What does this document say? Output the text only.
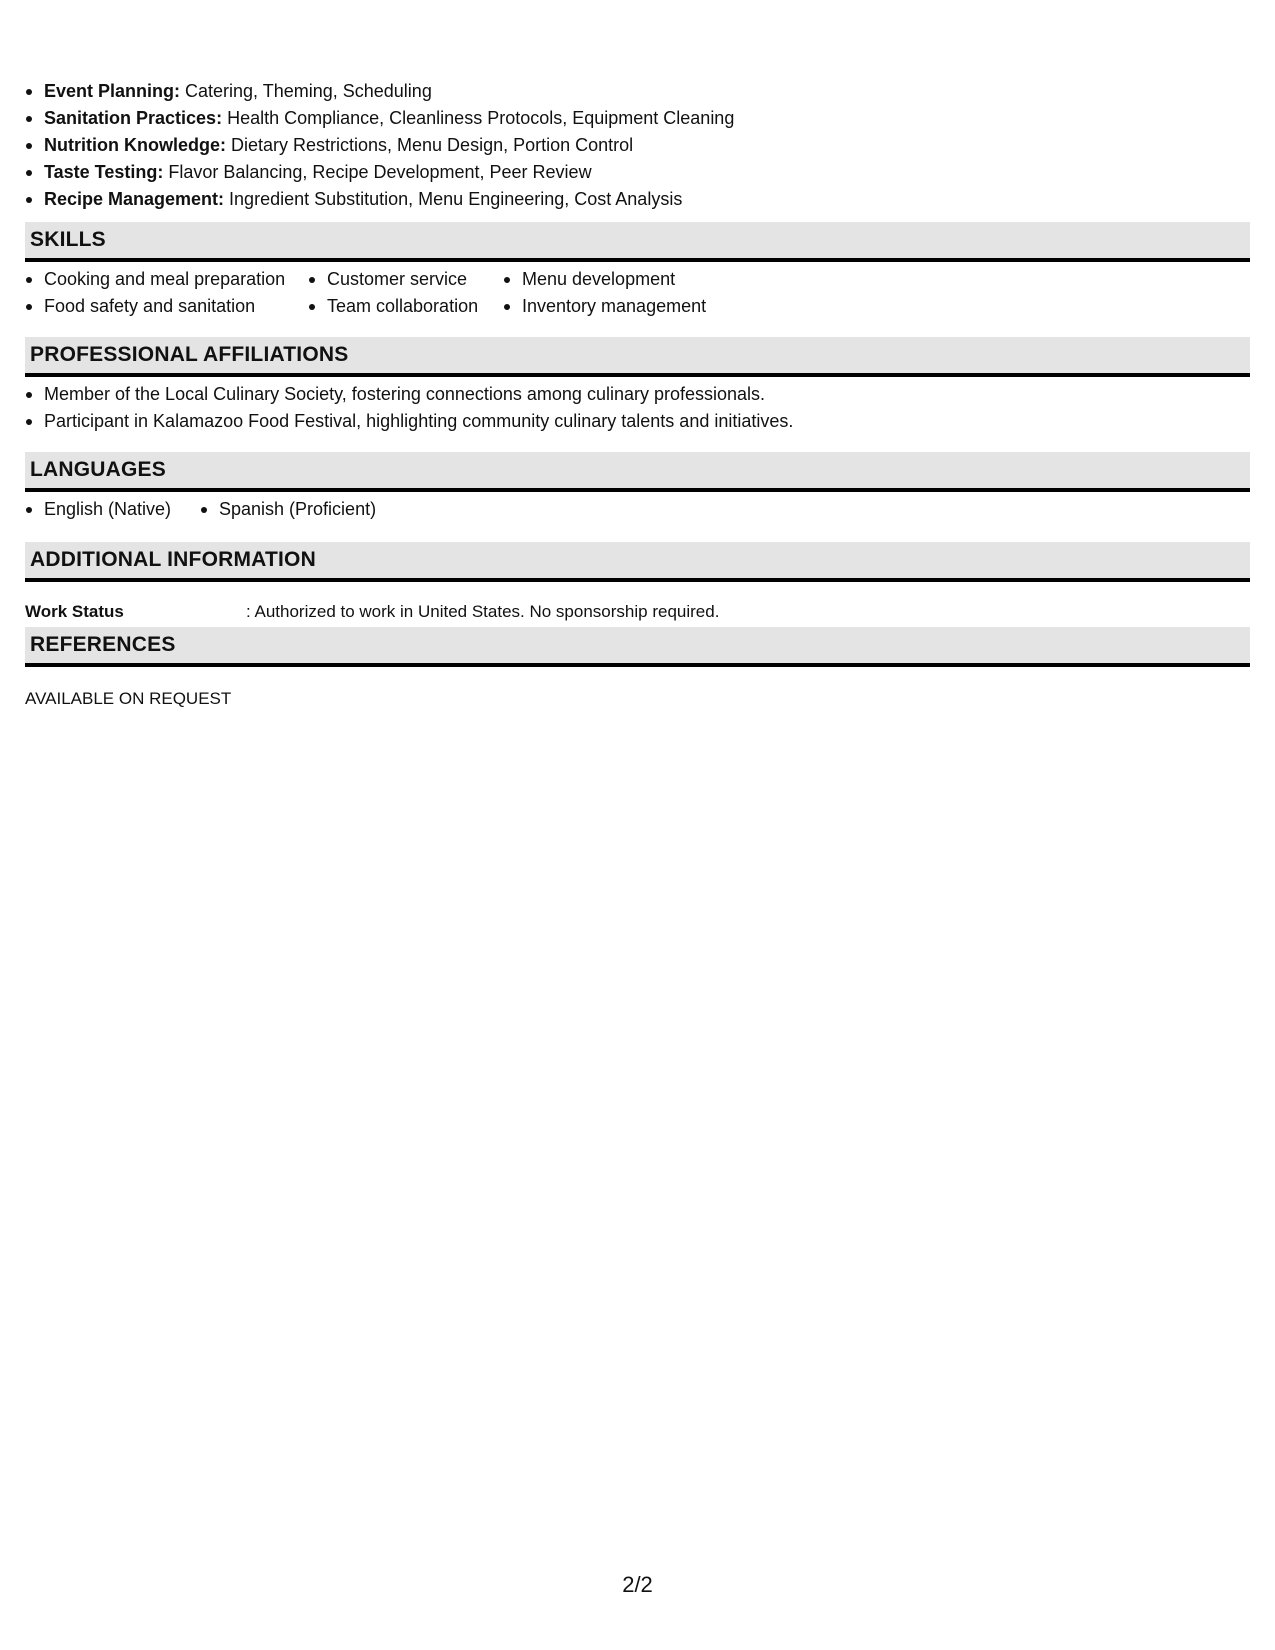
Event Planning: Catering, Theming, Scheduling
Sanitation Practices: Health Compliance, Cleanliness Protocols, Equipment Cleaning
Nutrition Knowledge: Dietary Restrictions, Menu Design, Portion Control
Taste Testing: Flavor Balancing, Recipe Development, Peer Review
Recipe Management: Ingredient Substitution, Menu Engineering, Cost Analysis
SKILLS
Cooking and meal preparation
Food safety and sanitation
Customer service
Team collaboration
Menu development
Inventory management
PROFESSIONAL AFFILIATIONS
Member of the Local Culinary Society, fostering connections among culinary professionals.
Participant in Kalamazoo Food Festival, highlighting community culinary talents and initiatives.
LANGUAGES
English (Native)	Spanish (Proficient)
ADDITIONAL INFORMATION
Work Status	: Authorized to work in United States. No sponsorship required.
REFERENCES
AVAILABLE ON REQUEST
2/2
